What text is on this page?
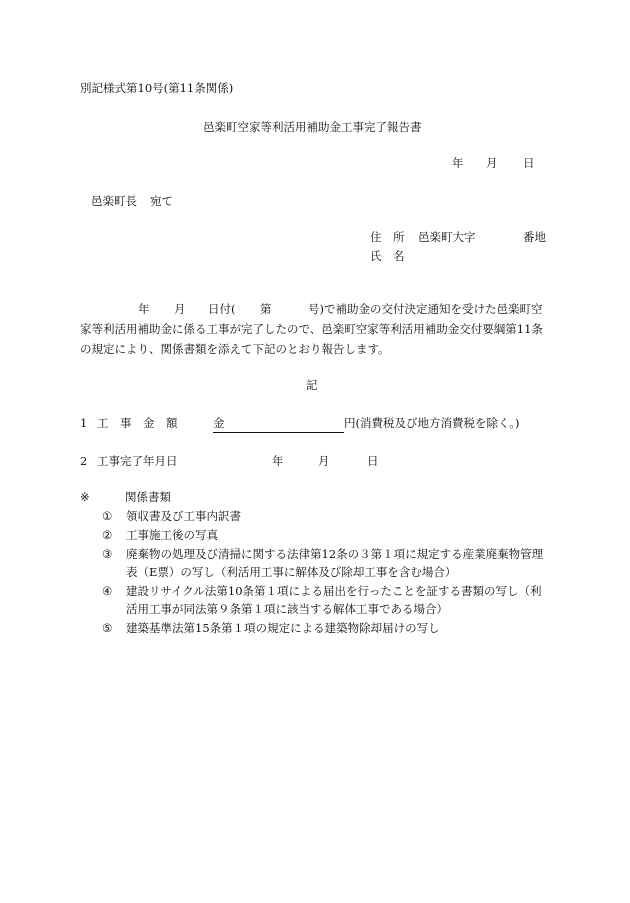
別記様式第10号(第11条関係)
邑楽町空家等利活用補助金工事完了報告書
年 月 日
邑楽町長 宛て
住　所 邑楽町大字	番地
氏　名
年 月 日付( 第	号)で補助金の交付決定通知を受けた邑楽町空
家等利活用補助金に係る工事が完了したので、邑楽町空家等利活用補助金交付要綱第11条
の規定により、関係書類を添えて下記のとおり報告します。
記
1 工　事　金　額	金	円(消費税及び地方消費税を除く。)
2 工事完了年月日	年	月	日
※	関係書類
① 領収書及び工事内訳書
② 工事施工後の写真
③ 廃棄物の処理及び清掃に関する法律第12条の３第１項に規定する産業廃棄物管理
表（E票）の写し（利活用工事に解体及び除却工事を含む場合）
④ 建設リサイクル法第10条第１項による届出を行ったことを証する書類の写し（利
活用工事が同法第９条第１項に該当する解体工事である場合）
⑤ 建築基準法第15条第１項の規定による建築物除却届けの写し
